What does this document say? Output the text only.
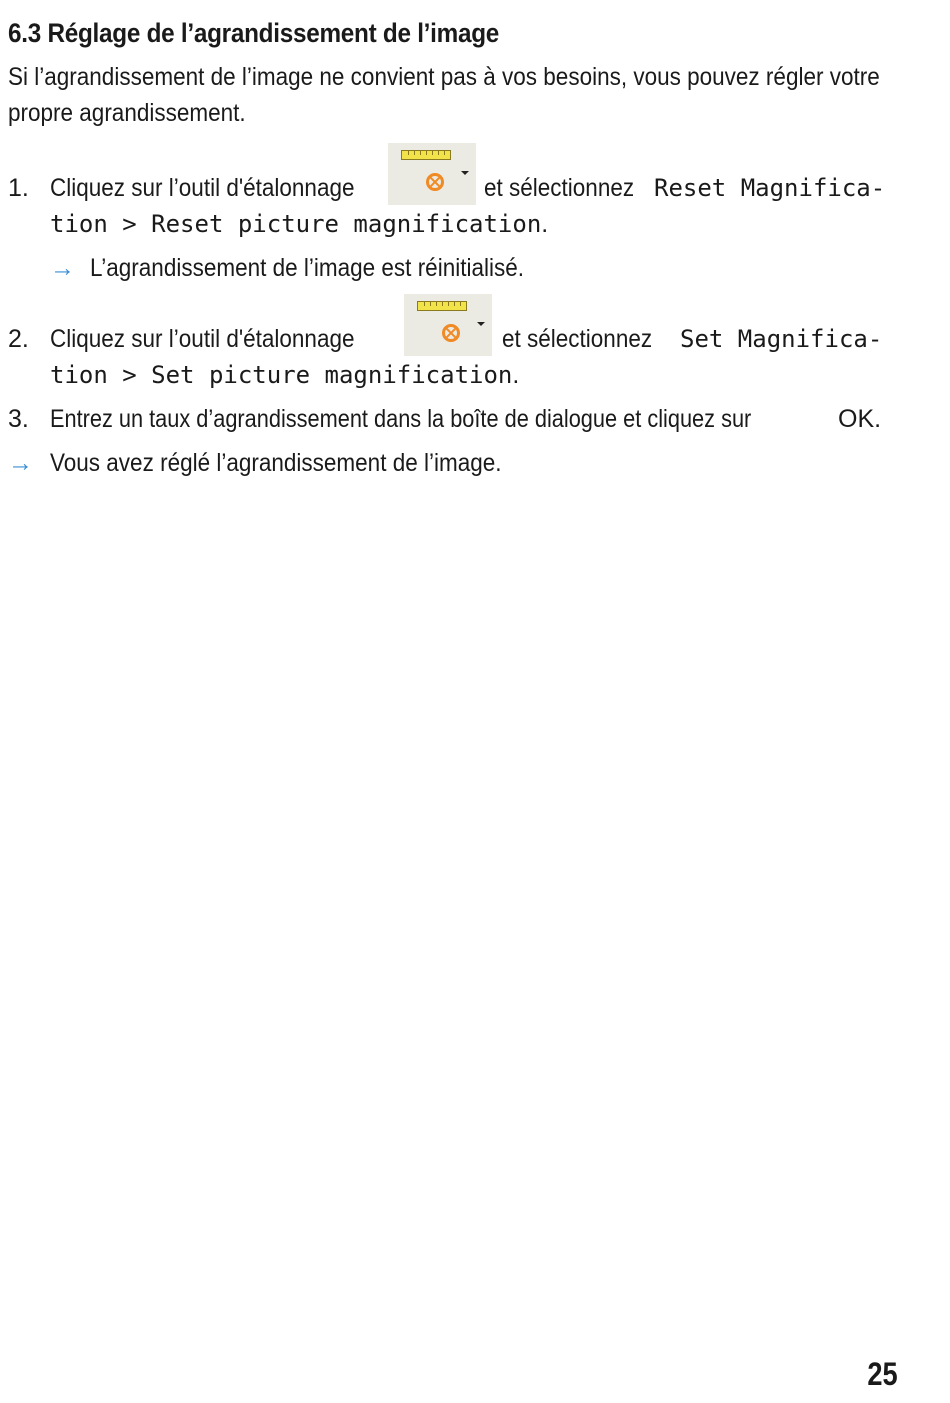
6.3 Réglage de l’agrandissement de l’image

Si l’agrandissement de l’image ne convient pas à vos besoins, vous pouvez régler votre propre agrandissement.

1. Cliquez sur l’outil d'étalonnage	et sélectionnez Reset Magnifica-
tion > Reset picture magnification.
→ L’agrandissement de l’image est réinitialisé.
2. Cliquez sur l’outil d'étalonnage	et sélectionnez	Set Magnifica-
tion > Set picture magnification.
3. Entrez un taux d’agrandissement dans la boîte de dialogue et cliquez sur	OK.
→ Vous avez réglé l’agrandissement de l’image.
25
